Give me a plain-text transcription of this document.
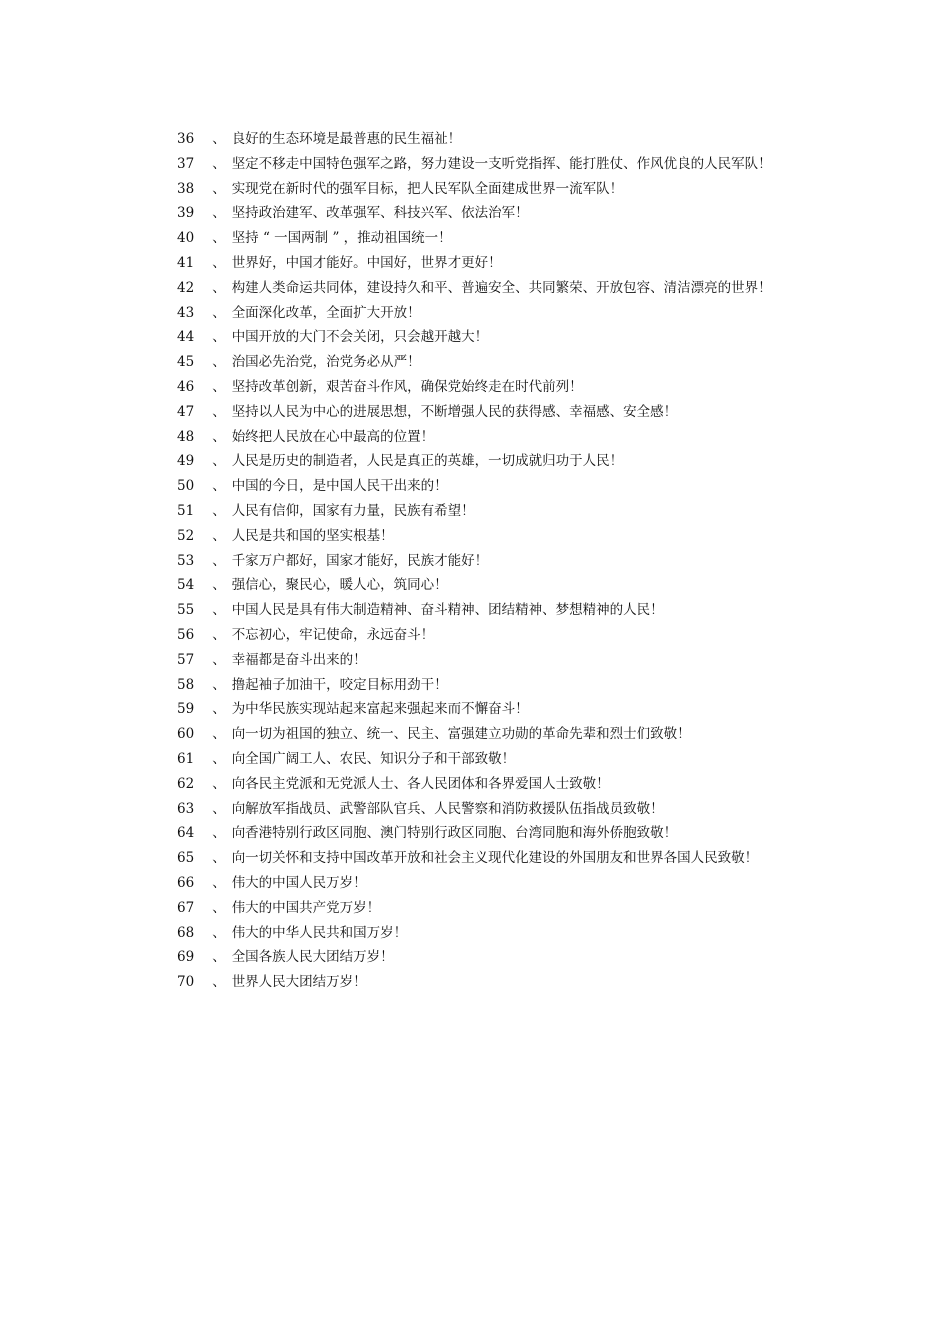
36 、 良好的生态环境是最普惠的民生福祉！
37 、 坚定不移走中国特色强军之路，努力建设一支听党指挥、能打胜仗、作风优良的人民军队！
38 、 实现党在新时代的强军目标，把人民军队全面建成世界一流军队！
39 、 坚持政治建军、改革强军、科技兴军、依法治军！
40 、 坚持 “ 一国两制 ” ，推动祖国统一！
41 、 世界好，中国才能好。中国好，世界才更好！
42 、 构建人类命运共同体，建设持久和平、普遍安全、共同繁荣、开放包容、清洁漂亮的世界！
43 、 全面深化改革，全面扩大开放！
44 、 中国开放的大门不会关闭，只会越开越大！
45 、 治国必先治党，治党务必从严！
46 、 坚持改革创新，艰苦奋斗作风，确保党始终走在时代前列！
47 、 坚持以人民为中心的进展思想，不断增强人民的获得感、幸福感、安全感！
48 、 始终把人民放在心中最高的位置！
49 、 人民是历史的制造者，人民是真正的英雄，一切成就归功于人民！
50 、 中国的今日，是中国人民干出来的！
51 、 人民有信仰，国家有力量，民族有希望！
52 、 人民是共和国的坚实根基！
53 、 千家万户都好，国家才能好，民族才能好！
54 、 强信心，聚民心，暖人心，筑同心！
55 、 中国人民是具有伟大制造精神、奋斗精神、团结精神、梦想精神的人民！
56 、 不忘初心，牢记使命，永远奋斗！
57 、 幸福都是奋斗出来的！
58 、 撸起袖子加油干，咬定目标用劲干！
59 、 为中华民族实现站起来富起来强起来而不懈奋斗！
60 、 向一切为祖国的独立、统一、民主、富强建立功勋的革命先辈和烈士们致敬！
61 、 向全国广阔工人、农民、知识分子和干部致敬！
62 、 向各民主党派和无党派人士、各人民团体和各界爱国人士致敬！
63 、 向解放军指战员、武警部队官兵、人民警察和消防救援队伍指战员致敬！
64 、 向香港特别行政区同胞、澳门特别行政区同胞、台湾同胞和海外侨胞致敬！
65 、 向一切关怀和支持中国改革开放和社会主义现代化建设的外国朋友和世界各国人民致敬！
66 、 伟大的中国人民万岁！
67 、 伟大的中国共产党万岁！
68 、 伟大的中华人民共和国万岁！
69 、 全国各族人民大团结万岁！
70 、 世界人民大团结万岁！
